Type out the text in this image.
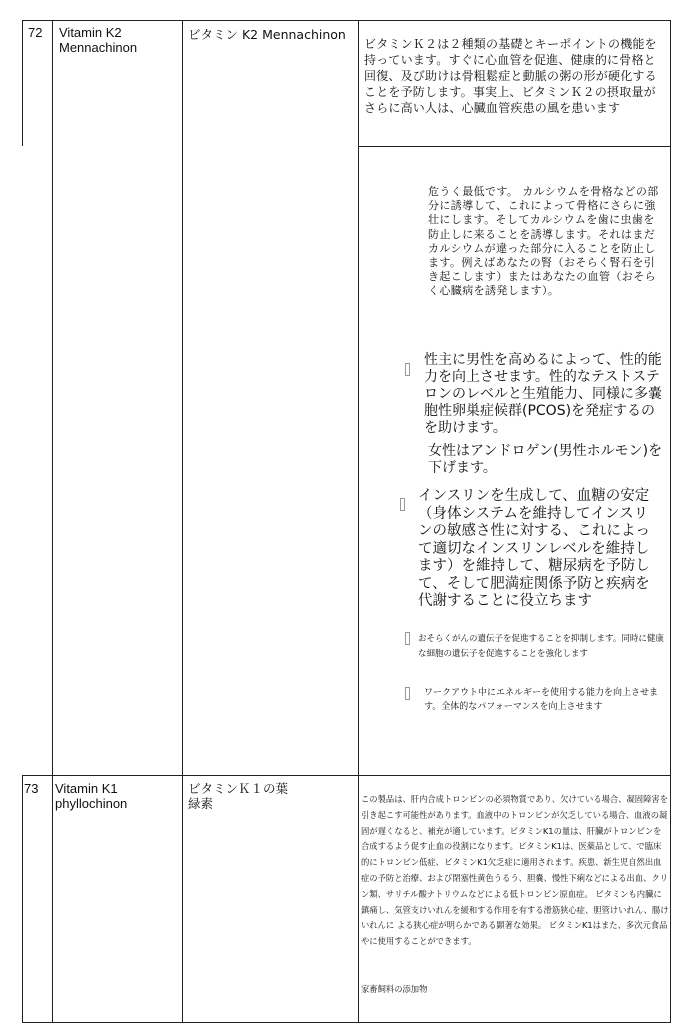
72 Vitamin K2
Mennachinon
ビタミン K2 Mennachinon
ビタミンＫ２は２種類の基礎とキーポイントの機能を持っています。すぐに心血管を促進、健康的に骨格と回復、及び助けは骨粗鬆症と動脈の粥の形が硬化することを予防します。事実上、ビタミンＫ２の摂取量がさらに高い人は、心臓血管疾患の風を患います
危うく最低です。 カルシウムを骨格などの部分に誘導して、これによって骨格にさらに強壮にします。そしてカルシウムを歯に虫歯を防止しに来ることを誘導します。それはまだカルシウムが違った部分に入ることを防止します。例えばあなたの腎（おそらく腎石を引き起こします）またはあなたの血管（おそらく心臓病を誘発します）。
性主に男性を高めるによって、性的能力を向上させます。性的なテストステロンのレベルと生殖能力、同様に多嚢胞性卵巣症候群(PCOS)を発症するのを助けます。
女性はアンドロゲン(男性ホルモン)を下げます。
インスリンを生成して、血糖の安定（身体システムを維持してインスリンの敏感さ性に対する、これによって適切なインスリンレベルを維持します）を維持して、糖尿病を予防して、そして肥満症関係予防と疾病を代謝することに役立ちます
おそらくがんの遺伝子を促進することを抑制します。同時に健康な細胞の遺伝子を促進することを強化します
ワークアウト中にエネルギーを使用する能力を向上させます。全体的なパフォーマンスを向上させます
73 Vitamin K1
phyllochinon
ビタミンＫ１の葉
緑素	この製品は、肝内合成トロンビンの必須物質であり、欠けている場合、凝固障害を引き起こす可能性があります。血液中のトロンビンが欠乏している場合、血液の凝固が遅くなると、補充が適しています。ビタミンK1の量は、肝臓がトロンビンを合成するよう促す止血の役割になります。ビタミンK1は、医薬品として、で臨床的にトロンビン低症、ビタミンK1欠乏症に適用されます。疾患、新生児自然出血症の予防と治療、および閉塞性黄色うるう、胆嚢、慢性下痢などによる出血、クリン類、サリチル酸ナトリウムなどによる低トロンビン原血症。 ビタミンも内臓に鎮痛し、気管支けいれんを緩和する作用を有する滑筋狭心症、胆管けいれん、腸けいれんに よる狭心症が明らかである顕著な効果。 ビタミンK1はまた、多次元食品やに使用することができます。
家畜飼料の添加物
